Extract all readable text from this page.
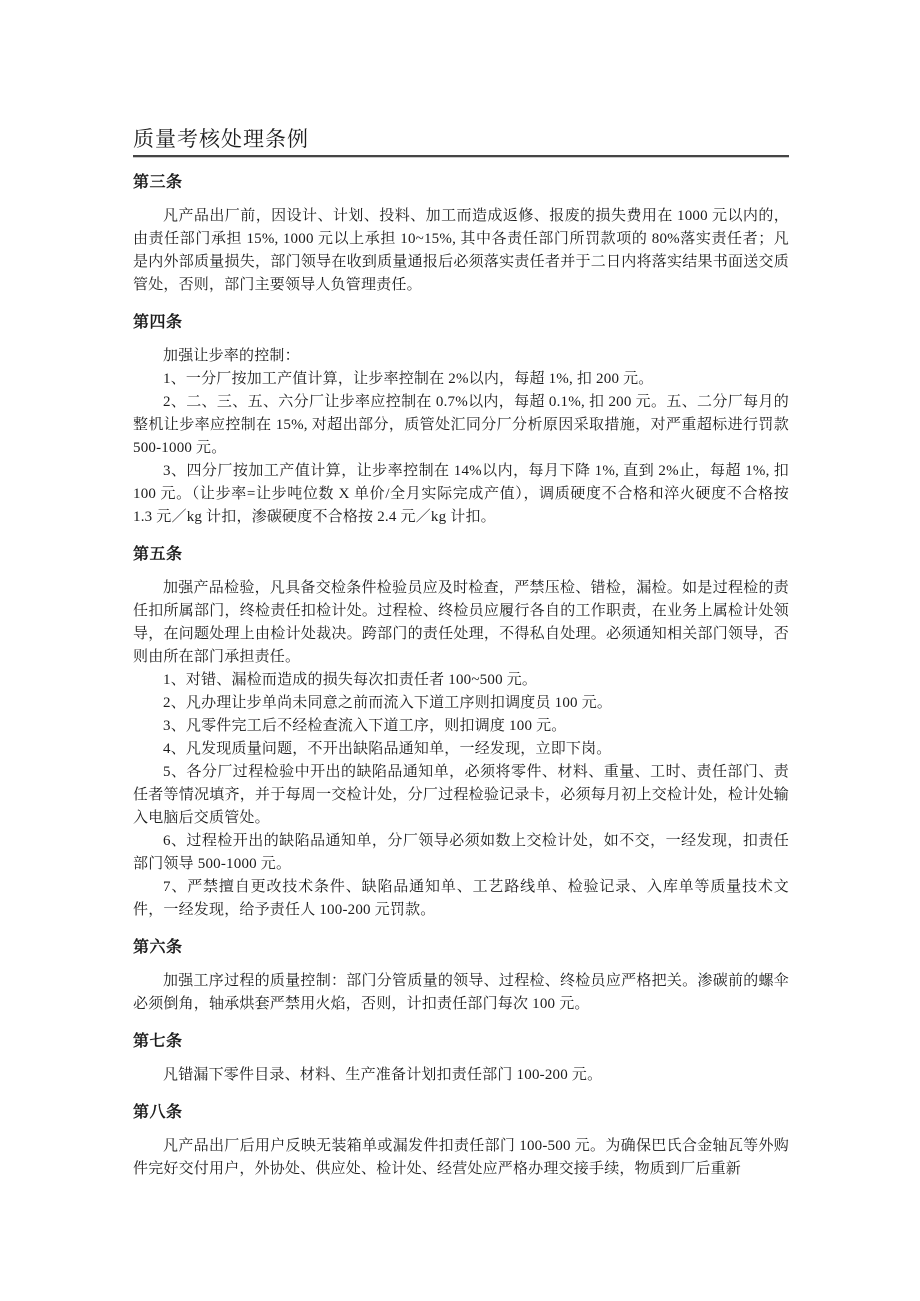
质量考核处理条例
第三条

凡产品出厂前，因设计、计划、投料、加工而造成返修、报废的损失费用在 1000 元以内的，由责任部门承担 15%, 1000 元以上承担 10~15%, 其中各责任部门所罚款项的 80%落实责任者；凡是内外部质量损失，部门领导在收到质量通报后必须落实责任者并于二日内将落实结果书面送交质管处，否则，部门主要领导人负管理责任。

第四条

加强让步率的控制：

1、一分厂按加工产值计算，让步率控制在 2%以内，每超 1%, 扣 200 元。

2、二、三、五、六分厂让步率应控制在 0.7%以内，每超 0.1%, 扣 200 元。五、二分厂每月的整机让步率应控制在 15%, 对超出部分，质管处汇同分厂分析原因采取措施，对严重超标进行罚款 500-1000 元。

3、四分厂按加工产值计算，让步率控制在 14%以内，每月下降 1%, 直到 2%止，每超 1%, 扣 100 元。（让步率=让步吨位数 X 单价/全月实际完成产值），调质硬度不合格和淬火硬度不合格按 1.3 元／kg 计扣，渗碳硬度不合格按 2.4 元／kg 计扣。

第五条

加强产品检验，凡具备交检条件检验员应及时检查，严禁压检、错检，漏检。如是过程检的责任扣所属部门，终检责任扣检计处。过程检、终检员应履行各自的工作职责，在业务上属检计处领导，在问题处理上由检计处裁决。跨部门的责任处理，不得私自处理。必须通知相关部门领导，否则由所在部门承担责任。

1、对错、漏检而造成的损失每次扣责任者 100~500 元。

2、凡办理让步单尚未同意之前而流入下道工序则扣调度员 100 元。

3、凡零件完工后不经检查流入下道工序，则扣调度 100 元。

4、凡发现质量问题，不开出缺陷品通知单，一经发现，立即下岗。

5、各分厂过程检验中开出的缺陷品通知单，必须将零件、材料、重量、工时、责任部门、责任者等情况填齐，并于每周一交检计处，分厂过程检验记录卡，必须每月初上交检计处，检计处输入电脑后交质管处。

6、过程检开出的缺陷品通知单，分厂领导必须如数上交检计处，如不交，一经发现，扣责任部门领导 500-1000 元。

7、严禁擅自更改技术条件、缺陷品通知单、工艺路线单、检验记录、入库单等质量技术文件，一经发现，给予责任人 100-200 元罚款。

第六条

加强工序过程的质量控制：部门分管质量的领导、过程检、终检员应严格把关。渗碳前的螺伞必须倒角，轴承烘套严禁用火焰，否则，计扣责任部门每次 100 元。

第七条

凡错漏下零件目录、材料、生产准备计划扣责任部门 100-200 元。

第八条

凡产品出厂后用户反映无装箱单或漏发件扣责任部门 100-500 元。为确保巴氏合金轴瓦等外购件完好交付用户，外协处、供应处、检计处、经营处应严格办理交接手续，物质到厂后重新
